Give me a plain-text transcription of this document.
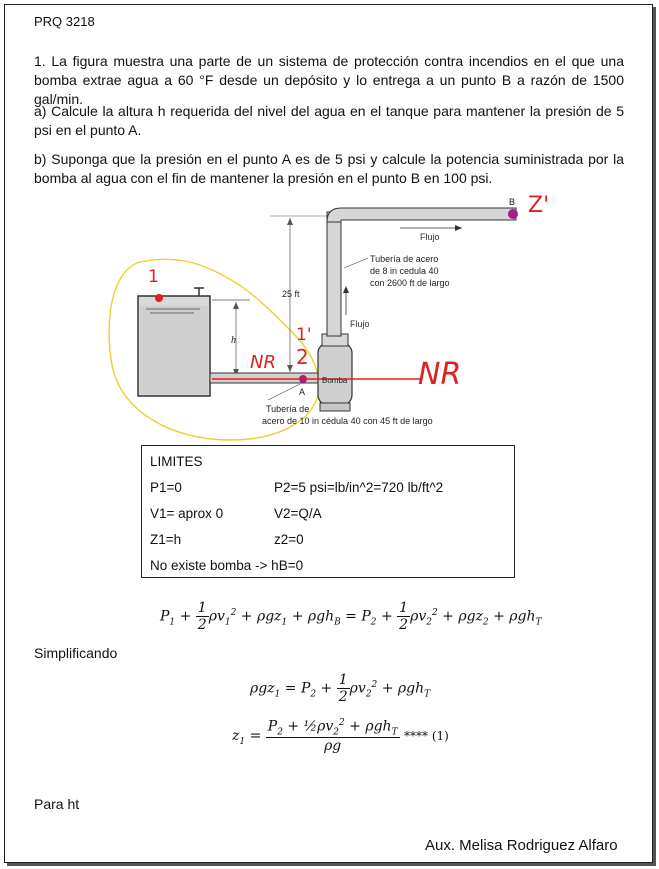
PRQ 3218
1. La figura muestra una parte de un sistema de protección contra incendios en el que una bomba extrae agua a 60 °F desde un depósito y lo entrega a un punto B a razón de 1500 gal/min.
a) Calcule la altura h requerida del nivel del agua en el tanque para mantener la presión de 5 psi en el punto A.
b) Suponga que la presión en el punto A es de 5 psi y calcule la potencia suministrada por la bomba al agua con el fin de mantener la presión en el punto B en 100 psi.
B
Flujo
Tubería de acero
de 8 in cedula 40
con 2600 ft de largo
25 ft
Flujo
h
A
Bomba
Tubería de
acero de 10 in cédula 40 con 45 ft de largo
1
1'
2
NR	NR
Z'
LIMITES
P1=0	P2=5 psi=lb/in^2=720 lb/ft^2
V1= aprox 0	V2=Q/A
Z1=h	z2=0
No existe bomba -> hB=0
$P_1 + \frac{1}{2} \rho v_1^2 + \rho gz_1 + \rho gh_B = P_2 + \frac{1}{2} \rho v_2^2 + \rho gz_2 + \rho gh_T$
Simplificando
$\rho gz_1 = P_2 + \frac{1}{2} \rho v_2^2 + \rho gh_T$
$z_1 = \frac{P_2 + \frac{1}{2}\rho v_2^2 + \rho gh_T}{\rho g}$ **** (1)
Para ht
Aux. Melisa Rodriguez Alfaro
